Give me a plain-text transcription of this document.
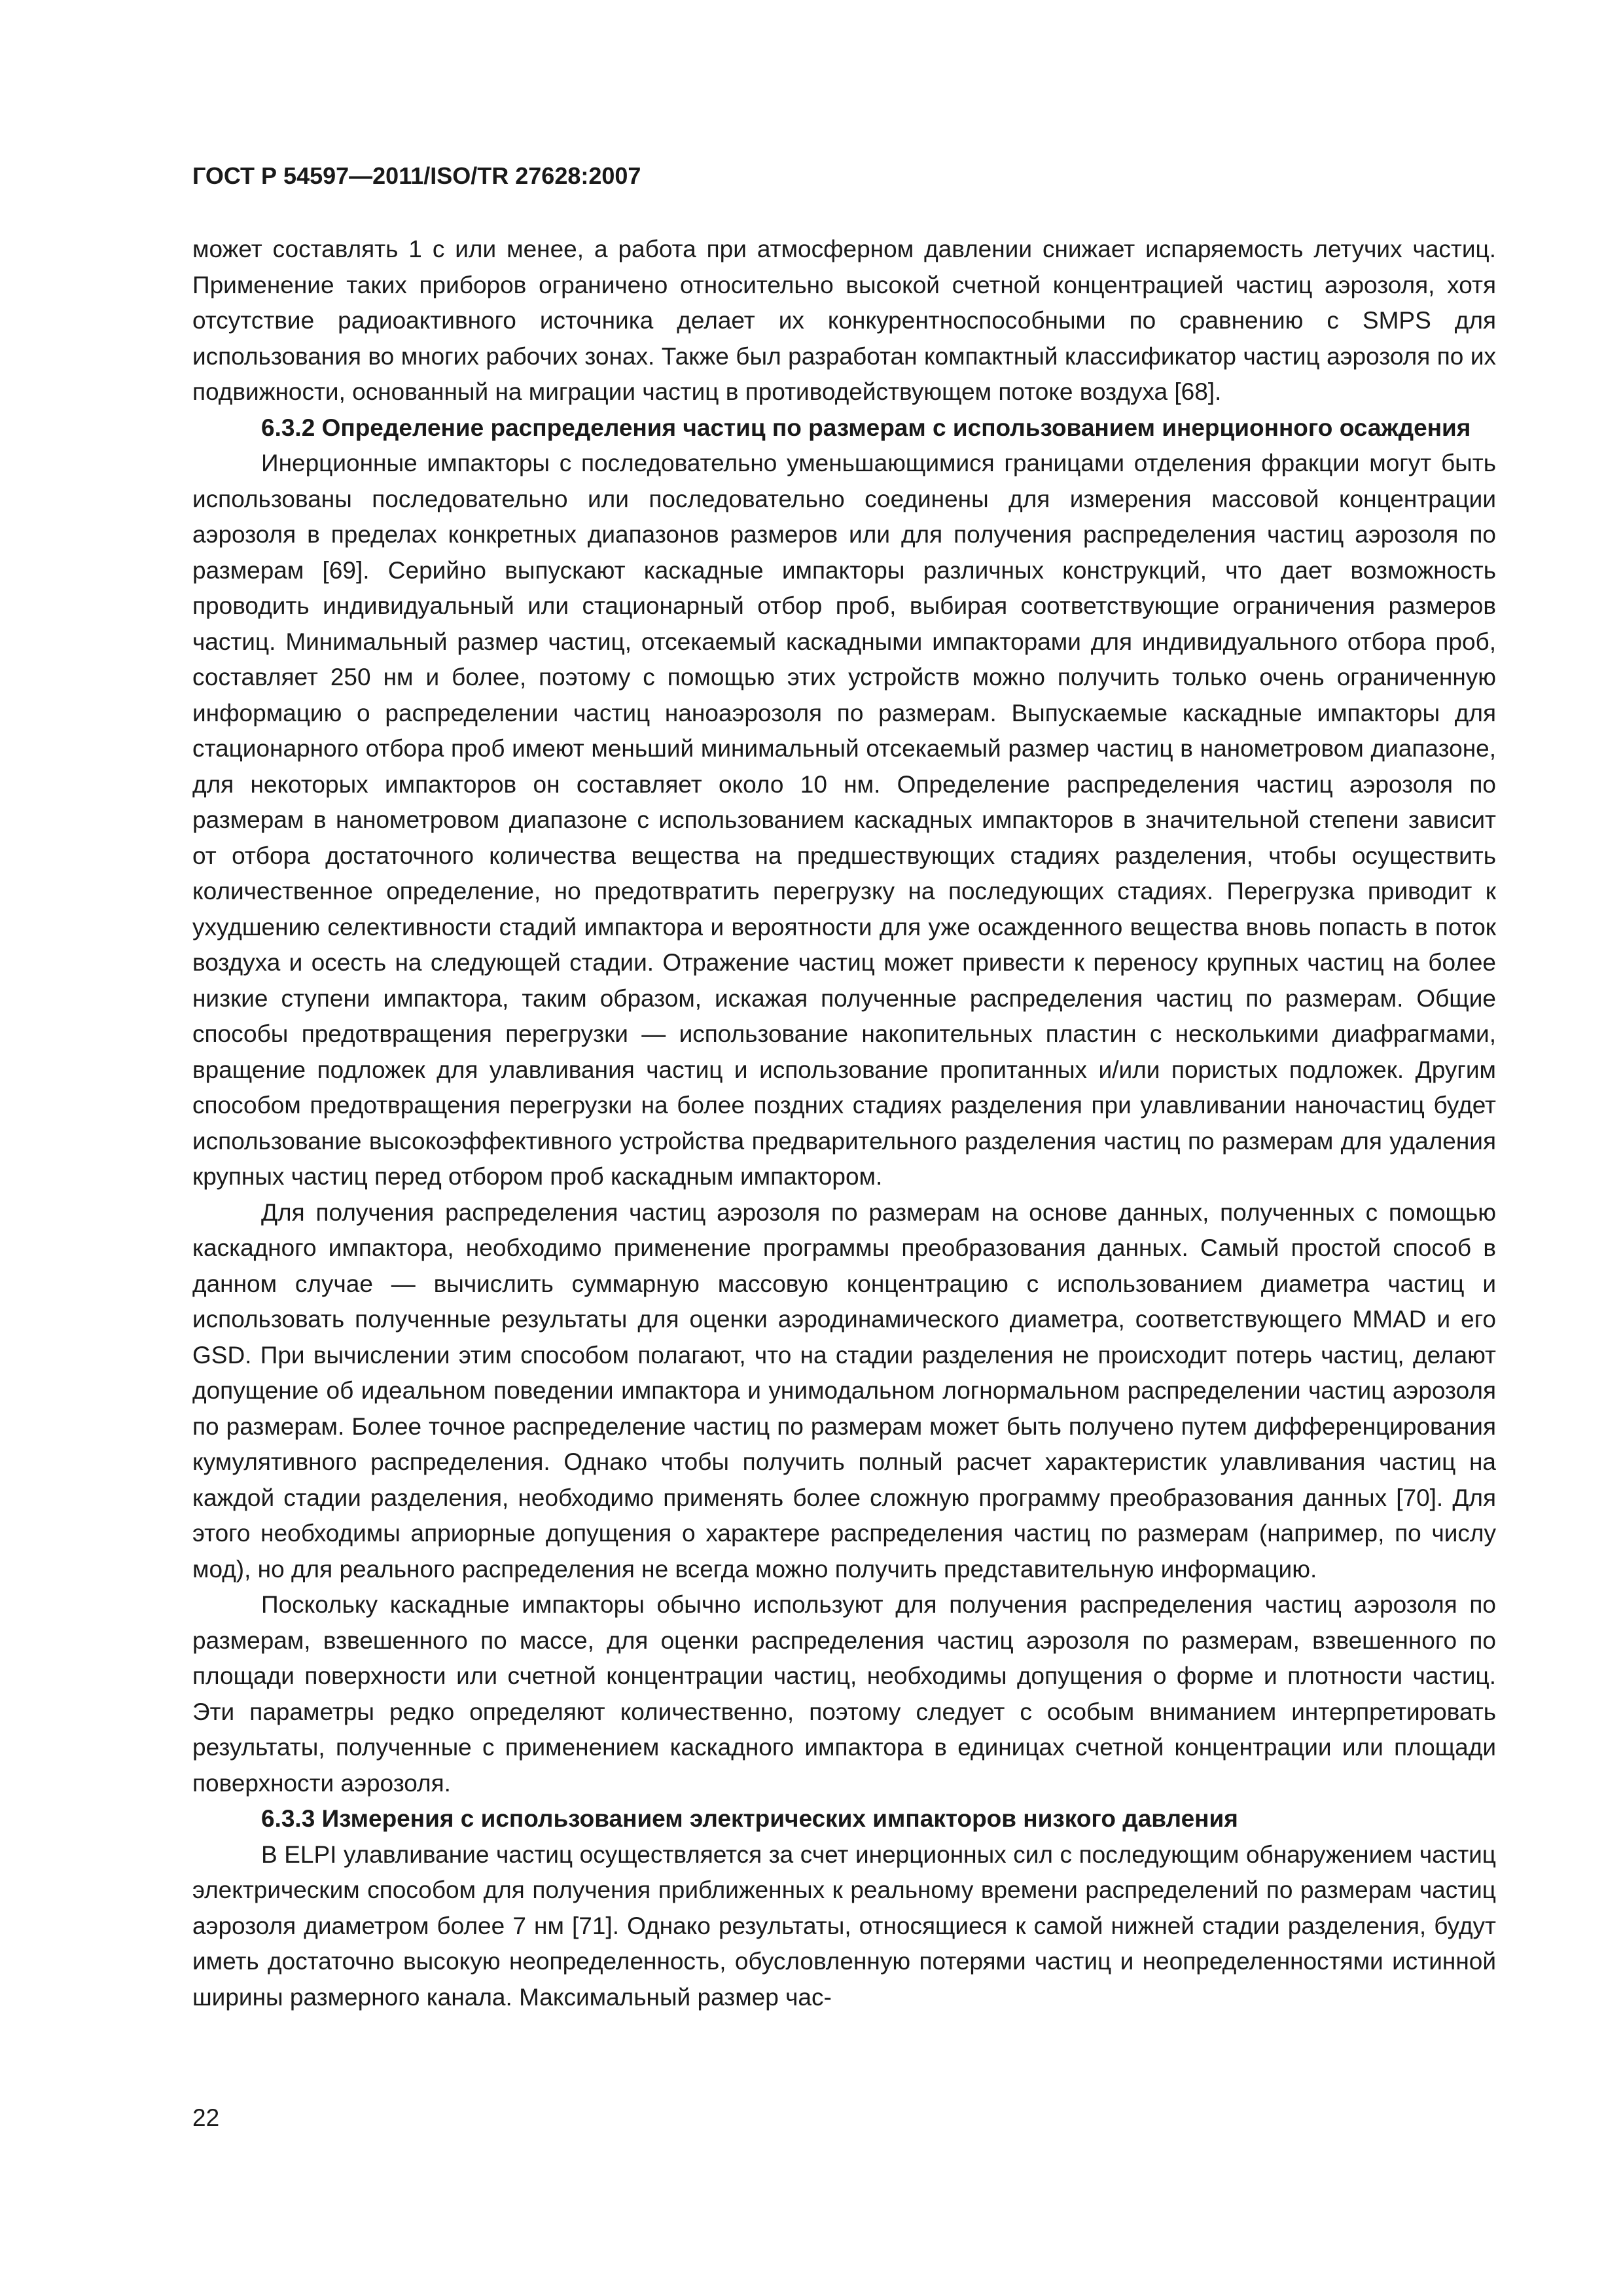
ГОСТ Р 54597—2011/ISO/TR 27628:2007

может составлять 1 с или менее, а работа при атмосферном давлении снижает испаряемость летучих частиц. Применение таких приборов ограничено относительно высокой счетной концентрацией частиц аэрозоля, хотя отсутствие радиоактивного источника делает их конкурентноспособными по сравнению с SMPS для использования во многих рабочих зонах. Также был разработан компактный классификатор частиц аэрозоля по их подвижности, основанный на миграции частиц в противодействующем потоке воздуха [68].

6.3.2 Определение распределения частиц по размерам с использованием инерционного осаждения

Инерционные импакторы с последовательно уменьшающимися границами отделения фракции могут быть использованы последовательно или последовательно соединены для измерения массовой концентрации аэрозоля в пределах конкретных диапазонов размеров или для получения распределения частиц аэрозоля по размерам [69]. Серийно выпускают каскадные импакторы различных конструкций, что дает возможность проводить индивидуальный или стационарный отбор проб, выбирая соответствующие ограничения размеров частиц. Минимальный размер частиц, отсекаемый каскадными импакторами для индивидуального отбора проб, составляет 250 нм и более, поэтому с помощью этих устройств можно получить только очень ограниченную информацию о распределении частиц наноаэрозоля по размерам. Выпускаемые каскадные импакторы для стационарного отбора проб имеют меньший минимальный отсекаемый размер частиц в нанометровом диапазоне, для некоторых импакторов он составляет около 10 нм. Определение распределения частиц аэрозоля по размерам в нанометровом диапазоне с использованием каскадных импакторов в значительной степени зависит от отбора достаточного количества вещества на предшествующих стадиях разделения, чтобы осуществить количественное определение, но предотвратить перегрузку на последующих стадиях. Перегрузка приводит к ухудшению селективности стадий импактора и вероятности для уже осажденного вещества вновь попасть в поток воздуха и осесть на следующей стадии. Отражение частиц может привести к переносу крупных частиц на более низкие ступени импактора, таким образом, искажая полученные распределения частиц по размерам. Общие способы предотвращения перегрузки — использование накопительных пластин с несколькими диафрагмами, вращение подложек для улавливания частиц и использование пропитанных и/или пористых подложек. Другим способом предотвращения перегрузки на более поздних стадиях разделения при улавливании наночастиц будет использование высокоэффективного устройства предварительного разделения частиц по размерам для удаления крупных частиц перед отбором проб каскадным импактором.

Для получения распределения частиц аэрозоля по размерам на основе данных, полученных с помощью каскадного импактора, необходимо применение программы преобразования данных. Самый простой способ в данном случае — вычислить суммарную массовую концентрацию с использованием диаметра частиц и использовать полученные результаты для оценки аэродинамического диаметра, соответствующего MMAD и его GSD. При вычислении этим способом полагают, что на стадии разделения не происходит потерь частиц, делают допущение об идеальном поведении импактора и унимодальном логнормальном распределении частиц аэрозоля по размерам. Более точное распределение частиц по размерам может быть получено путем дифференцирования кумулятивного распределения. Однако чтобы получить полный расчет характеристик улавливания частиц на каждой стадии разделения, необходимо применять более сложную программу преобразования данных [70]. Для этого необходимы априорные допущения о характере распределения частиц по размерам (например, по числу мод), но для реального распределения не всегда можно получить представительную информацию.

Поскольку каскадные импакторы обычно используют для получения распределения частиц аэрозоля по размерам, взвешенного по массе, для оценки распределения частиц аэрозоля по размерам, взвешенного по площади поверхности или счетной концентрации частиц, необходимы допущения о форме и плотности частиц. Эти параметры редко определяют количественно, поэтому следует с особым вниманием интерпретировать результаты, полученные с применением каскадного импактора в единицах счетной концентрации или площади поверхности аэрозоля.

6.3.3 Измерения с использованием электрических импакторов низкого давления

В ELPI улавливание частиц осуществляется за счет инерционных сил с последующим обнаружением частиц электрическим способом для получения приближенных к реальному времени распределений по размерам частиц аэрозоля диаметром более 7 нм [71]. Однако результаты, относящиеся к самой нижней стадии разделения, будут иметь достаточно высокую неопределенность, обусловленную потерями частиц и неопределенностями истинной ширины размерного канала. Максимальный размер час-

22
